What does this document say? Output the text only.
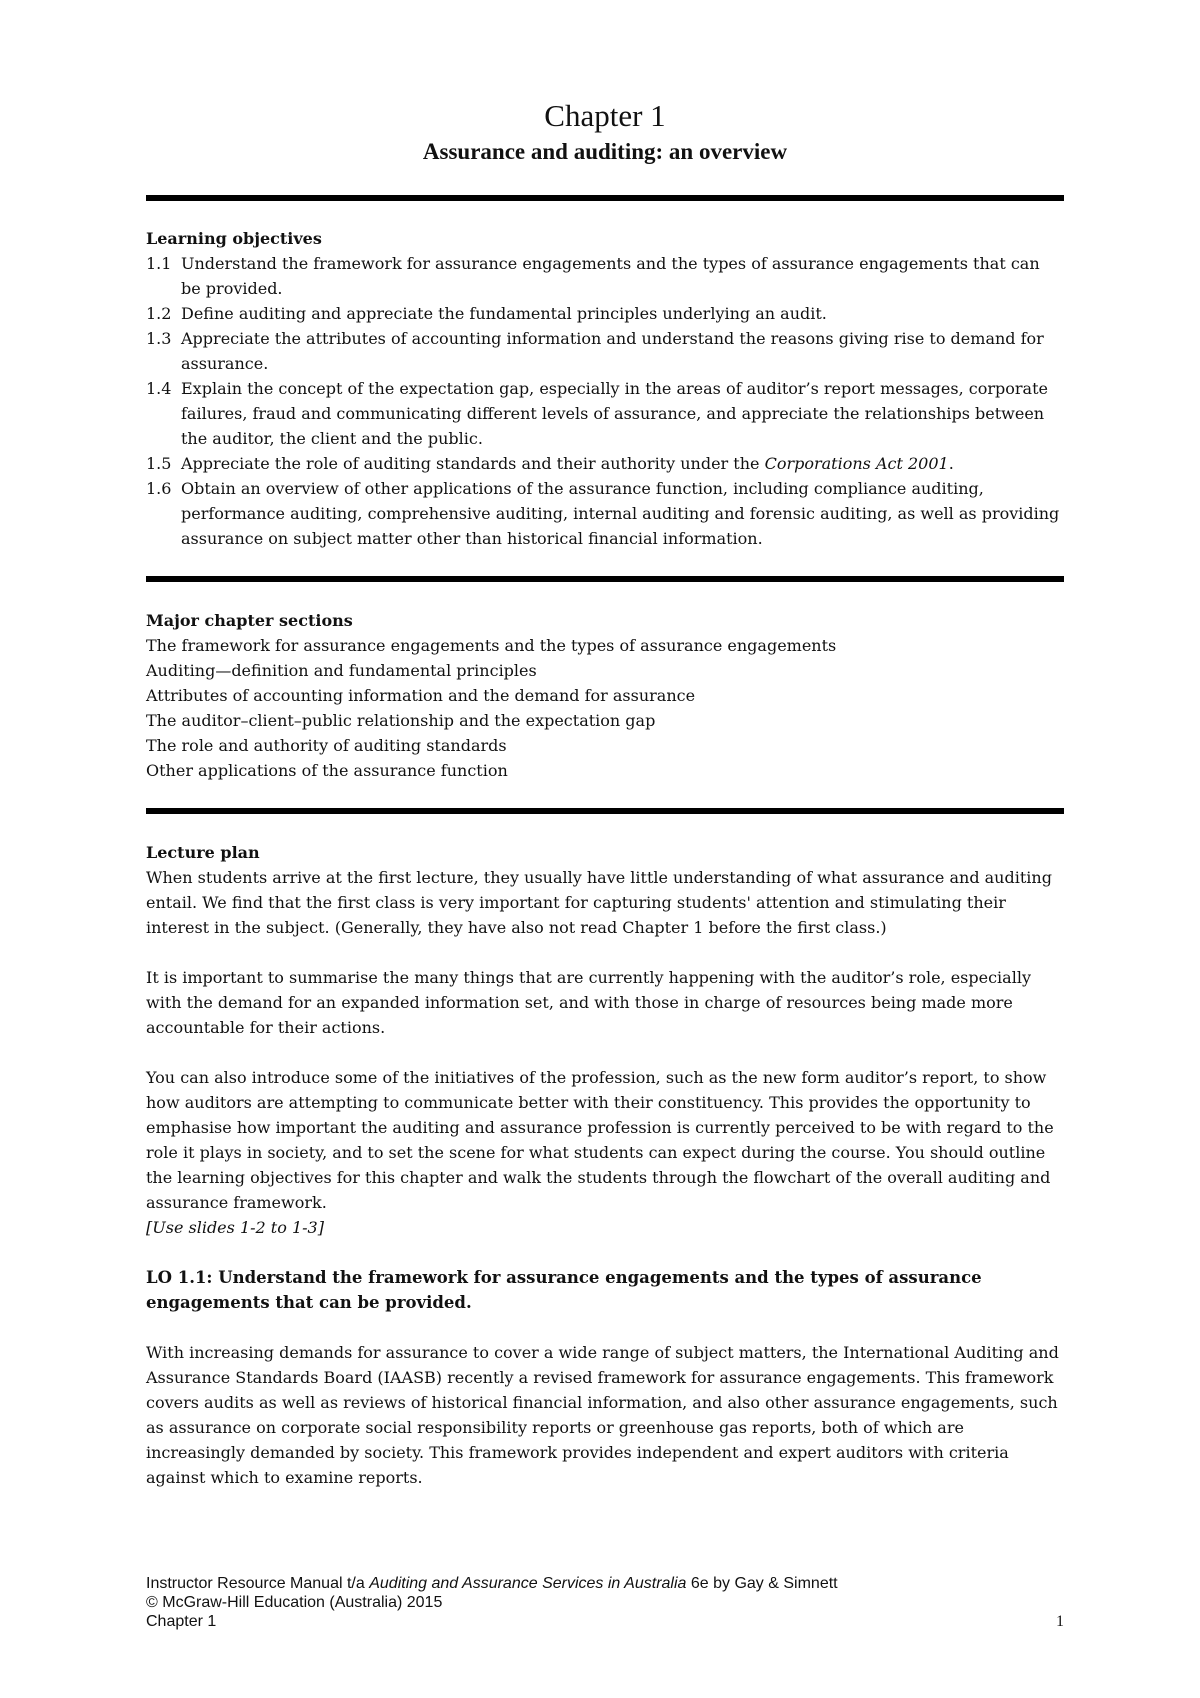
Chapter 1
Assurance and auditing: an overview

Learning objectives

1.1 Understand the framework for assurance engagements and the types of assurance engagements that can be provided.
1.2 Define auditing and appreciate the fundamental principles underlying an audit.
1.3 Appreciate the attributes of accounting information and understand the reasons giving rise to demand for assurance.
1.4 Explain the concept of the expectation gap, especially in the areas of auditor’s report messages, corporate failures, fraud and communicating different levels of assurance, and appreciate the relationships between the auditor, the client and the public.
1.5 Appreciate the role of auditing standards and their authority under the Corporations Act 2001.
1.6 Obtain an overview of other applications of the assurance function, including compliance auditing, performance auditing, comprehensive auditing, internal auditing and forensic auditing, as well as providing assurance on subject matter other than historical financial information.

Major chapter sections

The framework for assurance engagements and the types of assurance engagements

Auditing—definition and fundamental principles

Attributes of accounting information and the demand for assurance

The auditor–client–public relationship and the expectation gap

The role and authority of auditing standards

Other applications of the assurance function

Lecture plan

When students arrive at the first lecture, they usually have little understanding of what assurance and auditing entail. We find that the first class is very important for capturing students' attention and stimulating their interest in the subject. (Generally, they have also not read Chapter 1 before the first class.)

It is important to summarise the many things that are currently happening with the auditor’s role, especially with the demand for an expanded information set, and with those in charge of resources being made more accountable for their actions.

You can also introduce some of the initiatives of the profession, such as the new form auditor’s report, to show how auditors are attempting to communicate better with their constituency. This provides the opportunity to emphasise how important the auditing and assurance profession is currently perceived to be with regard to the role it plays in society, and to set the scene for what students can expect during the course. You should outline the learning objectives for this chapter and walk the students through the flowchart of the overall auditing and assurance framework.

[Use slides 1-2 to 1-3]

LO 1.1: Understand the framework for assurance engagements and the types of assurance engagements that can be provided.

With increasing demands for assurance to cover a wide range of subject matters, the International Auditing and Assurance Standards Board (IAASB) recently a revised framework for assurance engagements. This framework covers audits as well as reviews of historical financial information, and also other assurance engagements, such as assurance on corporate social responsibility reports or greenhouse gas reports, both of which are increasingly demanded by society. This framework provides independent and expert auditors with criteria against which to examine reports.

Instructor Resource Manual t/a Auditing and Assurance Services in Australia 6e by Gay & Simnett
© McGraw-Hill Education (Australia) 2015
Chapter 1	1
